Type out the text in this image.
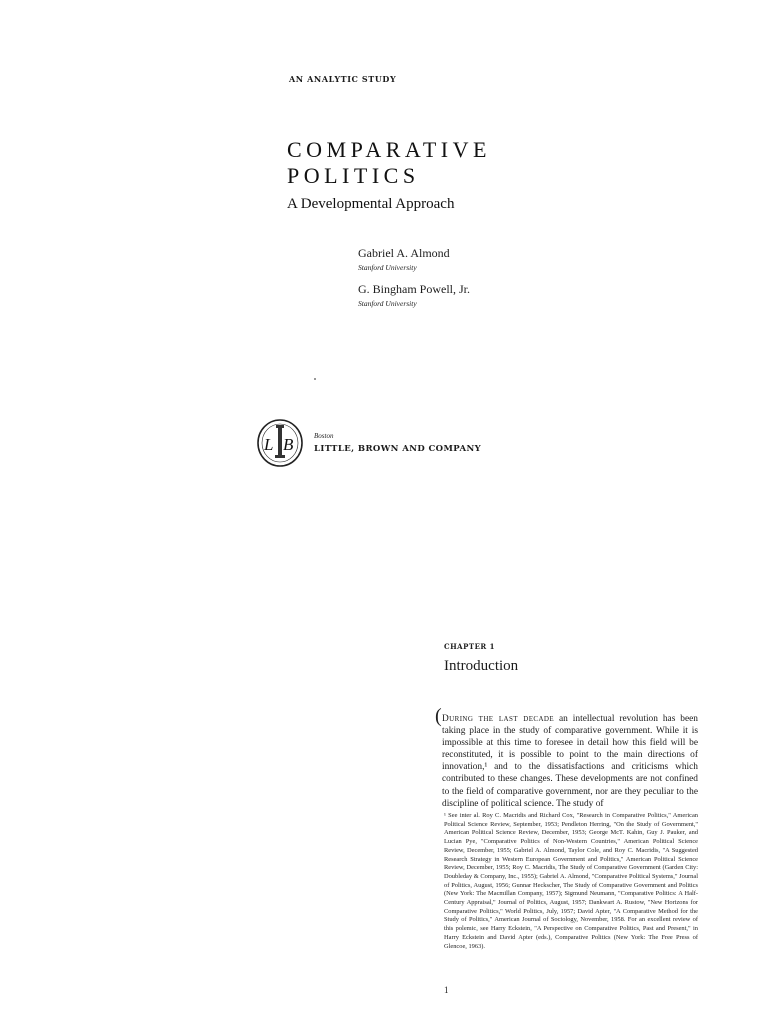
AN ANALYTIC STUDY
COMPARATIVE
POLITICS
A Developmental Approach
Gabriel A. Almond
Stanford University
G. Bingham Powell, Jr.
Stanford University
L B	Boston
LITTLE, BROWN AND COMPANY
CHAPTER 1
Introduction
( During the last decade an intellectual revolution has been taking place in the study of comparative government. While it is impossible at this time to foresee in detail how this field will be reconstituted, it is possible to point to the main directions of innovation,¹ and to the dissatisfactions and criticisms which contributed to these changes. These developments are not confined to the field of comparative government, nor are they peculiar to the discipline of political science. The study of
¹ See inter al. Roy C. Macridis and Richard Cox, "Research in Comparative Politics," American Political Science Review, September, 1953; Pendleton Herring, "On the Study of Government," American Political Science Review, December, 1953; George McT. Kahin, Guy J. Pauker, and Lucian Pye, "Comparative Politics of Non-Western Countries," American Political Science Review, December, 1955; Gabriel A. Almond, Taylor Cole, and Roy C. Macridis, "A Suggested Research Strategy in Western European Government and Politics," American Political Science Review, December, 1955; Roy C. Macridis, The Study of Comparative Government (Garden City: Doubleday & Company, Inc., 1955); Gabriel A. Almond, "Comparative Political Systems," Journal of Politics, August, 1956; Gunnar Heckscher, The Study of Comparative Government and Politics (New York: The Macmillan Company, 1957); Sigmund Neumann, "Comparative Politics: A Half-Century Appraisal," Journal of Politics, August, 1957; Dankwart A. Rustow, "New Horizons for Comparative Politics," World Politics, July, 1957; David Apter, "A Comparative Method for the Study of Politics," American Journal of Sociology, November, 1958. For an excellent review of this polemic, see Harry Eckstein, "A Perspective on Comparative Politics, Past and Present," in Harry Eckstein and David Apter (eds.), Comparative Politics (New York: The Free Press of Glencoe, 1963).
1
